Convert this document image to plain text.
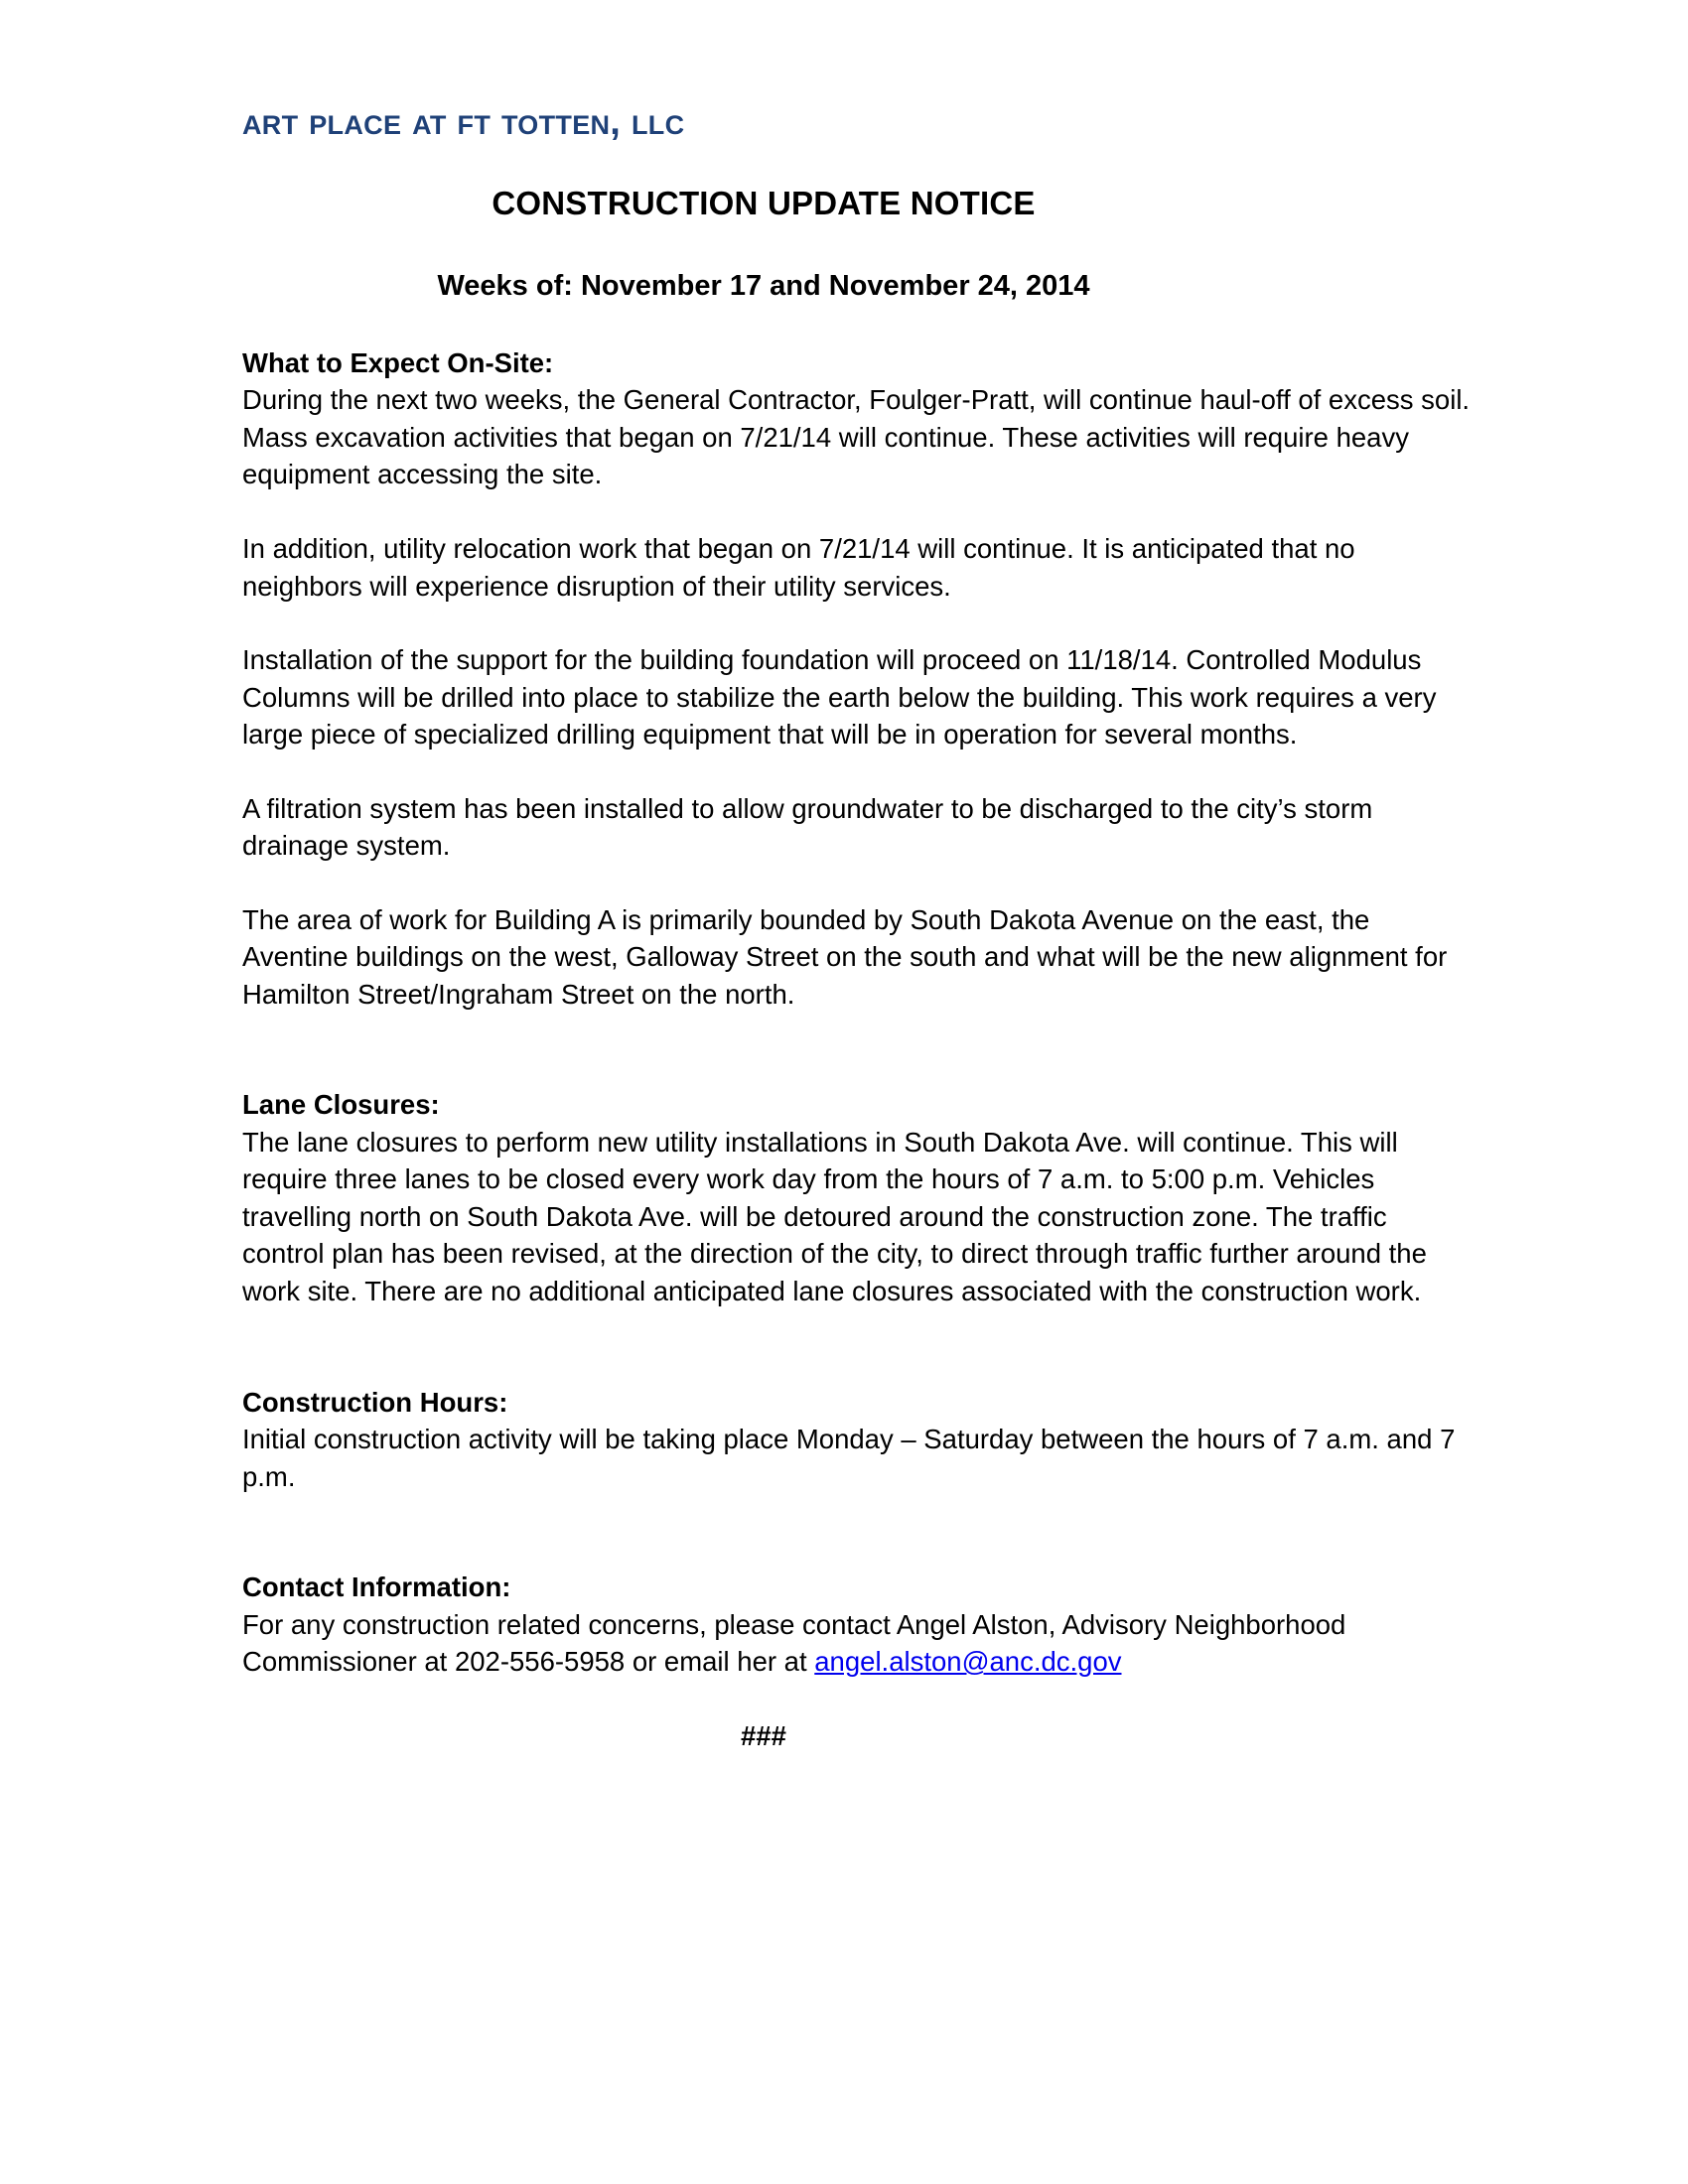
art place at ft totten, llc
CONSTRUCTION UPDATE NOTICE
Weeks of: November 17 and November 24, 2014
What to Expect On-Site:

During the next two weeks, the General Contractor, Foulger-Pratt, will continue haul-off of excess soil. Mass excavation activities that began on 7/21/14 will continue. These activities will require heavy equipment accessing the site.

In addition, utility relocation work that began on 7/21/14 will continue. It is anticipated that no neighbors will experience disruption of their utility services.

Installation of the support for the building foundation will proceed on 11/18/14. Controlled Modulus Columns will be drilled into place to stabilize the earth below the building. This work requires a very large piece of specialized drilling equipment that will be in operation for several months.

A filtration system has been installed to allow groundwater to be discharged to the city’s storm drainage system.

The area of work for Building A is primarily bounded by South Dakota Avenue on the east, the Aventine buildings on the west, Galloway Street on the south and what will be the new alignment for Hamilton Street/Ingraham Street on the north.

Lane Closures:

The lane closures to perform new utility installations in South Dakota Ave. will continue. This will require three lanes to be closed every work day from the hours of 7 a.m. to 5:00 p.m. Vehicles travelling north on South Dakota Ave. will be detoured around the construction zone. The traffic control plan has been revised, at the direction of the city, to direct through traffic further around the work site. There are no additional anticipated lane closures associated with the construction work.

Construction Hours:

Initial construction activity will be taking place Monday – Saturday between the hours of 7 a.m. and 7 p.m.

Contact Information:

For any construction related concerns, please contact Angel Alston, Advisory Neighborhood Commissioner at 202-556-5958 or email her at angel.alston@anc.dc.gov

###
